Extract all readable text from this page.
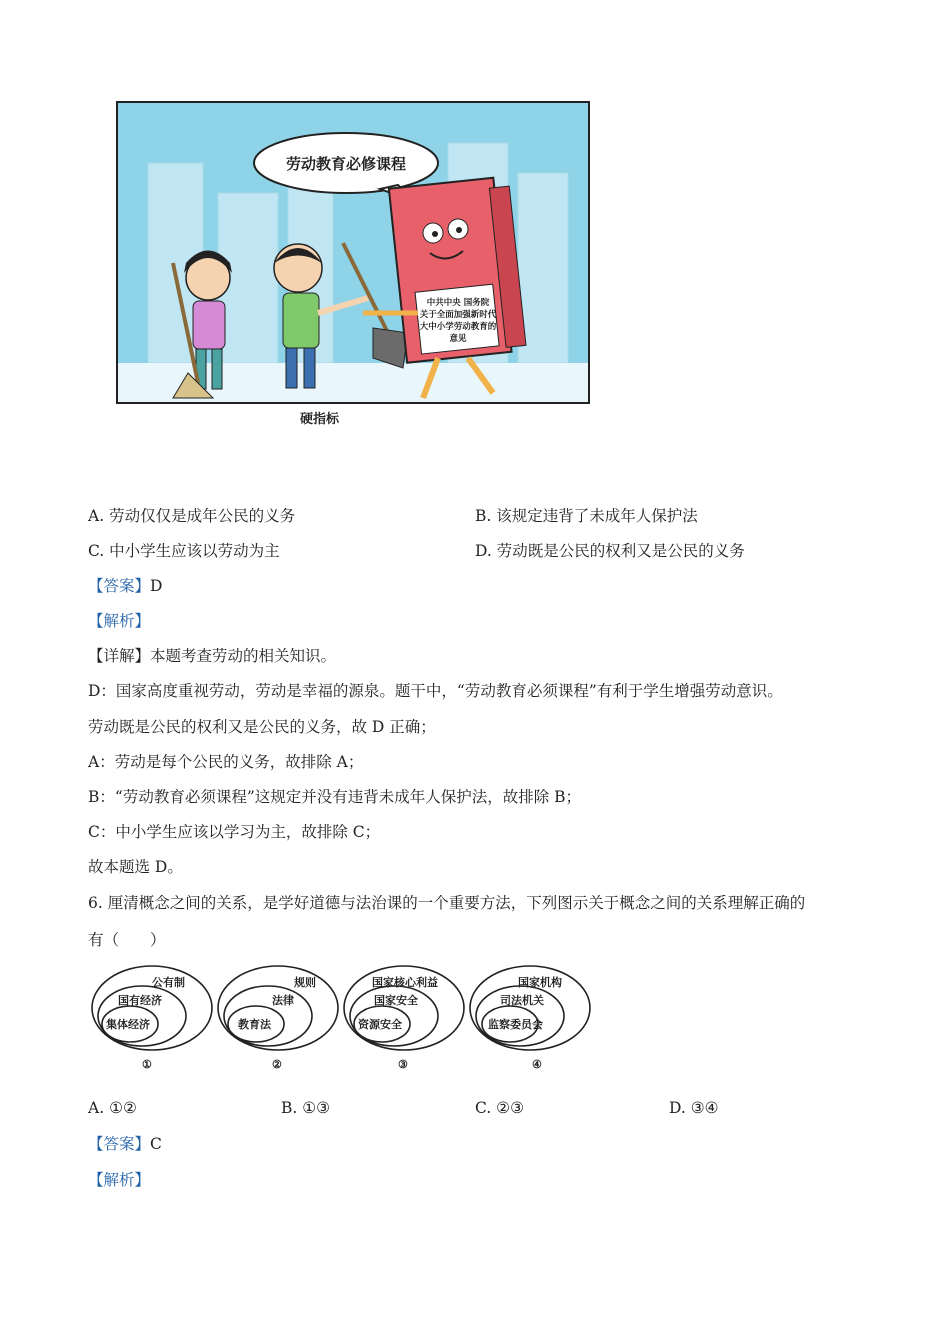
劳动教育必修课程
中共中央 国务院
关于全面加强新时代
大中小学劳动教育的
意见
硬指标
A. 劳动仅仅是成年公民的义务	B. 该规定违背了未成年人保护法
C. 中小学生应该以劳动为主	D. 劳动既是公民的权利又是公民的义务
【答案】D
【解析】
【详解】本题考查劳动的相关知识。
D：国家高度重视劳动，劳动是幸福的源泉。题干中，“劳动教育必须课程”有利于学生增强劳动意识。
劳动既是公民的权利又是公民的义务，故 D 正确；
A：劳动是每个公民的义务，故排除 A；
B：“劳动教育必须课程”这规定并没有违背未成年人保护法，故排除 B；
C：中小学生应该以学习为主，故排除 C；
故本题选 D。
6. 厘清概念之间的关系，是学好道德与法治课的一个重要方法，下列图示关于概念之间的关系理解正确的
有（　　）
公有制
国有经济
集体经济
①
规则
法律
教育法
②
国家核心利益
国家安全
资源安全
③
国家机构
司法机关
监察委员会
④
A. ①②	B. ①③	C. ②③	D. ③④
【答案】C
【解析】
